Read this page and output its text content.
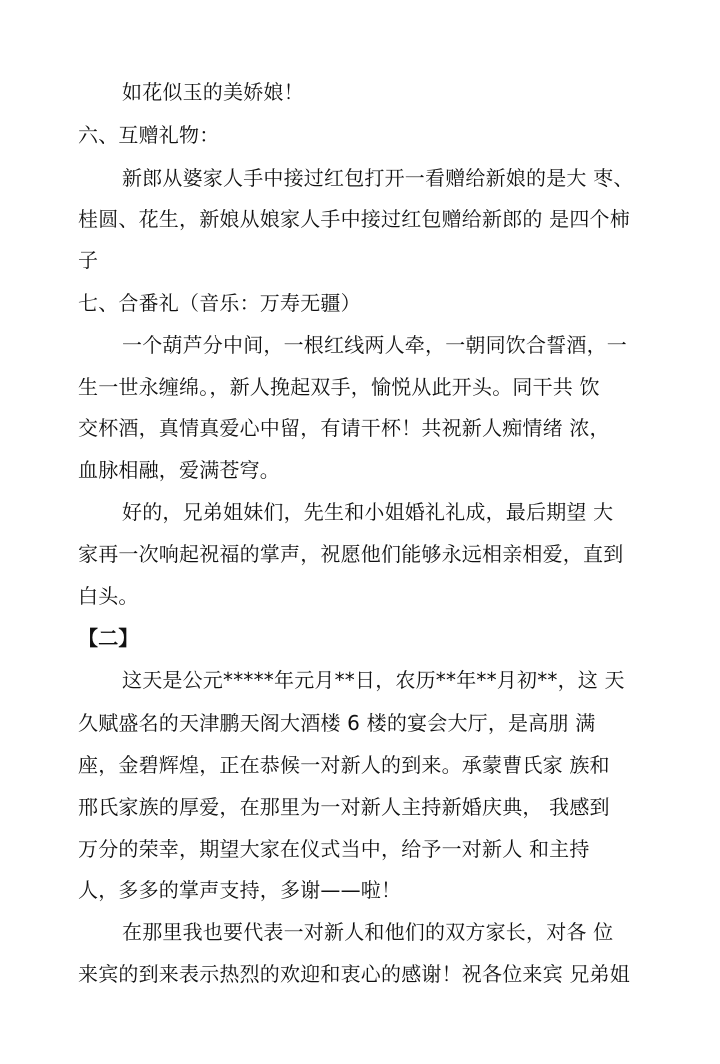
如花似玉的美娇娘！
六、互赠礼物：
新郎从婆家人手中接过红包打开一看赠给新娘的是大 枣、
桂圆、花生，新娘从娘家人手中接过红包赠给新郎的 是四个柿
子
七、合番礼（音乐：万寿无疆）
一个葫芦分中间，一根红线两人牵，一朝同饮合誓酒，一
生一世永缠绵。，新人挽起双手，愉悦从此开头。同干共 饮
交杯酒，真情真爱心中留，有请干杯！共祝新人痴情绪 浓，
血脉相融，爱满苍穹。
好的，兄弟姐妹们，先生和小姐婚礼礼成，最后期望 大
家再一次响起祝福的掌声，祝愿他们能够永远相亲相爱，直到
白头。
【二】
这天是公元*****年元月**日，农历**年**月初**，这 天
久赋盛名的天津鹏天阁大酒楼 6 楼的宴会大厅，是高朋 满
座，金碧辉煌，正在恭候一对新人的到来。承蒙曹氏家 族和
邢氏家族的厚爱，在那里为一对新人主持新婚庆典， 我感到
万分的荣幸，期望大家在仪式当中，给予一对新人 和主持
人，多多的掌声支持，多谢——啦！
在那里我也要代表一对新人和他们的双方家长，对各 位
来宾的到来表示热烈的欢迎和衷心的感谢！祝各位来宾 兄弟姐
